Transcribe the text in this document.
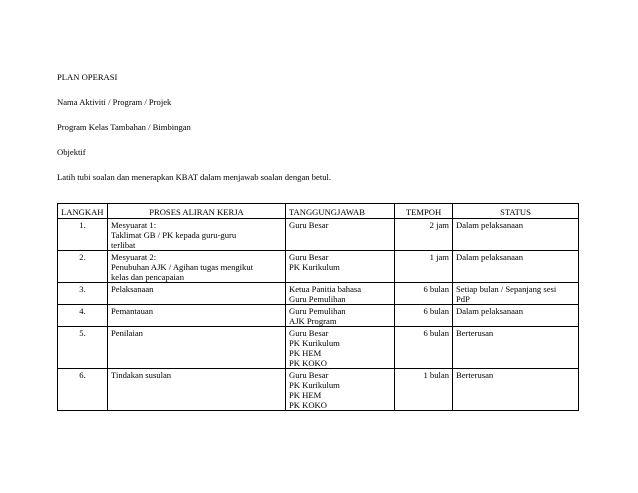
PLAN OPERASI
Nama Aktiviti / Program / Projek
Program Kelas Tambahan / Bimbingan
Objektif
Latih tubi soalan dan menerapkan KBAT dalam menjawab soalan dengan betul.
LANGKAH	PROSES ALIRAN KERJA	TANGGUNGJAWAB	TEMPOH	STATUS
1.	Mesyuarat 1:
Taklimat GB / PK kepada guru-guru
terlibat	Guru Besar	2 jam	Dalam pelaksanaan

2.	Mesyuarat 2:
Penubuhan AJK / Agihan tugas mengikut
kelas dan pencapaian	Guru Besar
PK Kurikulum	1 jam	Dalam pelaksanaan

3.	Pelaksanaan	Ketua Panitia bahasa
Guru Pemulihan	6 bulan	Setiap bulan / Sepanjang sesi
PdP

4.	Pemantauan	Guru Pemulihan
AJK Program	6 bulan	Dalam pelaksanaan

5.	Penilaian	Guru Besar
PK Kurikulum
PK HEM
PK KOKO	6 bulan	Berterusan

6.	Tindakan susulan	Guru Besar
PK Kurikulum
PK HEM
PK KOKO	1 bulan	Berterusan
